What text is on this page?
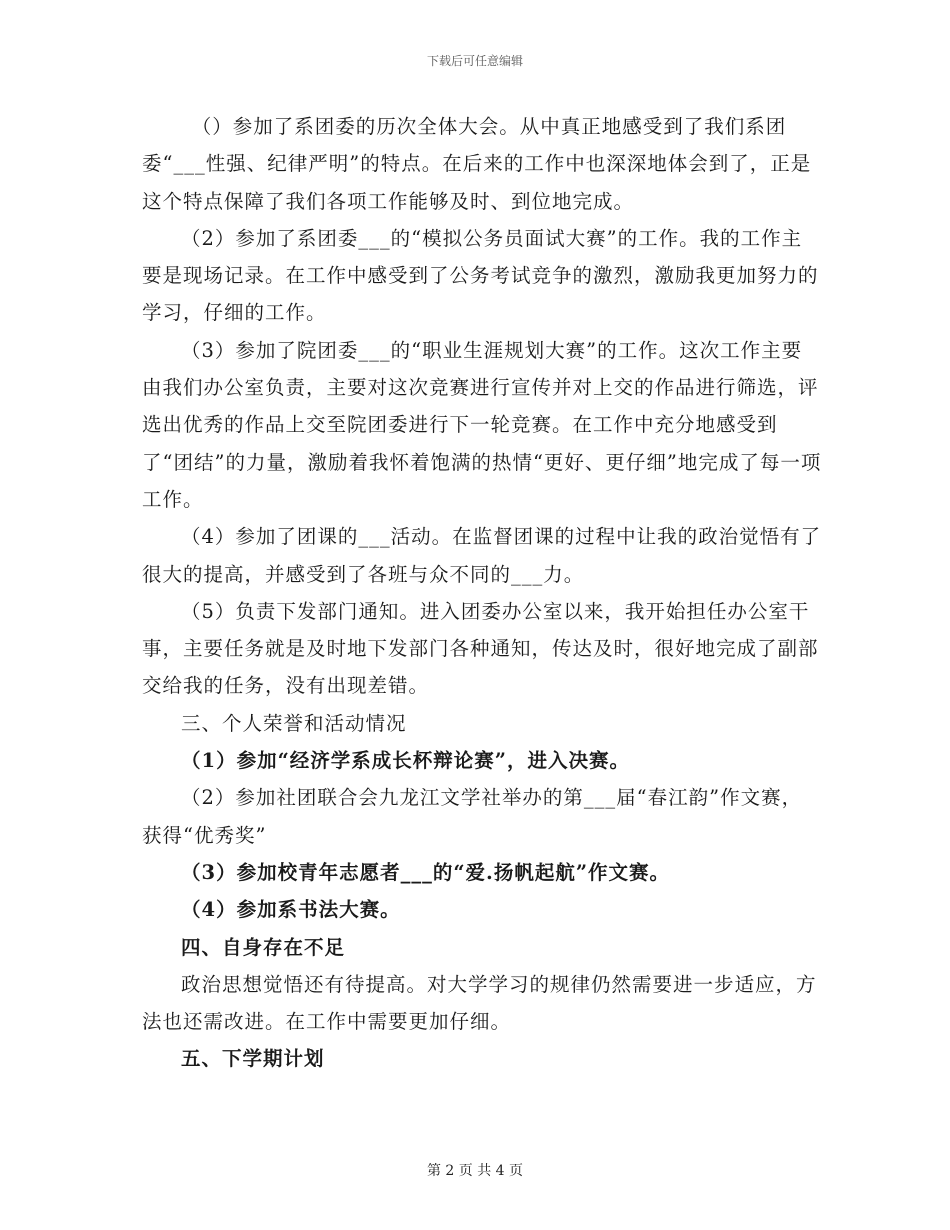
下载后可任意编辑

（）参加了系团委的历次全体大会。从中真正地感受到了我们系团委“___性强、纪律严明”的特点。在后来的工作中也深深地体会到了，正是这个特点保障了我们各项工作能够及时、到位地完成。

（2）参加了系团委___的“模拟公务员面试大赛”的工作。我的工作主要是现场记录。在工作中感受到了公务考试竞争的激烈，激励我更加努力的学习，仔细的工作。

（3）参加了院团委___的“职业生涯规划大赛”的工作。这次工作主要由我们办公室负责，主要对这次竞赛进行宣传并对上交的作品进行筛选，评选出优秀的作品上交至院团委进行下一轮竞赛。在工作中充分地感受到了“团结”的力量，激励着我怀着饱满的热情“更好、更仔细”地完成了每一项工作。

（4）参加了团课的___活动。在监督团课的过程中让我的政治觉悟有了很大的提高，并感受到了各班与众不同的___力。

（5）负责下发部门通知。进入团委办公室以来，我开始担任办公室干事，主要任务就是及时地下发部门各种通知，传达及时，很好地完成了副部交给我的任务，没有出现差错。

三、个人荣誉和活动情况

（1）参加“经济学系成长杯辩论赛”，进入决赛。

（2）参加社团联合会九龙江文学社举办的第___届“春江韵”作文赛，获得“优秀奖”

（3）参加校青年志愿者___的“爱.扬帆起航”作文赛。

（4）参加系书法大赛。

四、自身存在不足

政治思想觉悟还有待提高。对大学学习的规律仍然需要进一步适应，方法也还需改进。在工作中需要更加仔细。

五、下学期计划

第 2 页 共 4 页
